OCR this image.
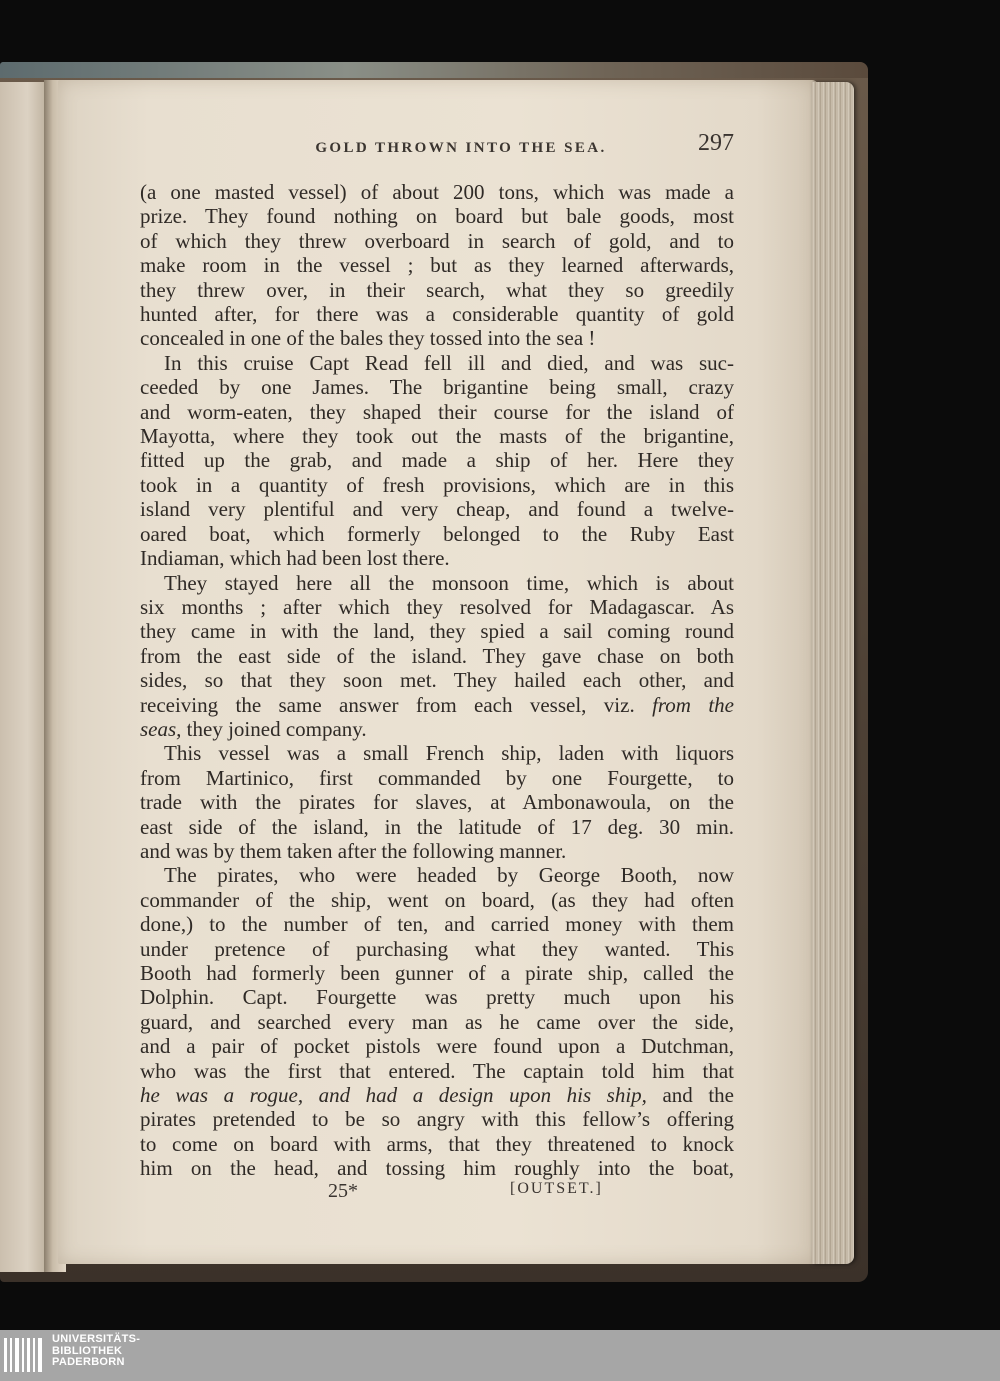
GOLD THROWN INTO THE SEA.	297

(a one masted vessel) of about 200 tons, which was made a

prize. They found nothing on board but bale goods, most

of which they threw overboard in search of gold, and to

make room in the vessel ; but as they learned afterwards,

they threw over, in their search, what they so greedily

hunted after, for there was a considerable quantity of gold

concealed in one of the bales they tossed into the sea !

In this cruise Capt Read fell ill and died, and was suc-

ceeded by one James. The brigantine being small, crazy

and worm-eaten, they shaped their course for the island of

Mayotta, where they took out the masts of the brigantine,

fitted up the grab, and made a ship of her. Here they

took in a quantity of fresh provisions, which are in this

island very plentiful and very cheap, and found a twelve-

oared boat, which formerly belonged to the Ruby East

Indiaman, which had been lost there.

They stayed here all the monsoon time, which is about

six months ; after which they resolved for Madagascar. As

they came in with the land, they spied a sail coming round

from the east side of the island. They gave chase on both

sides, so that they soon met. They hailed each other, and

receiving the same answer from each vessel, viz. from the

seas, they joined company.

This vessel was a small French ship, laden with liquors

from Martinico, first commanded by one Fourgette, to

trade with the pirates for slaves, at Ambonawoula, on the

east side of the island, in the latitude of 17 deg. 30 min.

and was by them taken after the following manner.

The pirates, who were headed by George Booth, now

commander of the ship, went on board, (as they had often

done,) to the number of ten, and carried money with them

under pretence of purchasing what they wanted. This

Booth had formerly been gunner of a pirate ship, called the

Dolphin. Capt. Fourgette was pretty much upon his

guard, and searched every man as he came over the side,

and a pair of pocket pistols were found upon a Dutchman,

who was the first that entered. The captain told him that

he was a rogue, and had a design upon his ship, and the

pirates pretended to be so angry with this fellow’s offering

to come on board with arms, that they threatened to knock

him on the head, and tossing him roughly into the boat,

25*	[OUTSET.]
UNIVERSITÄTS-
BIBLIOTHEK
PADERBORN
